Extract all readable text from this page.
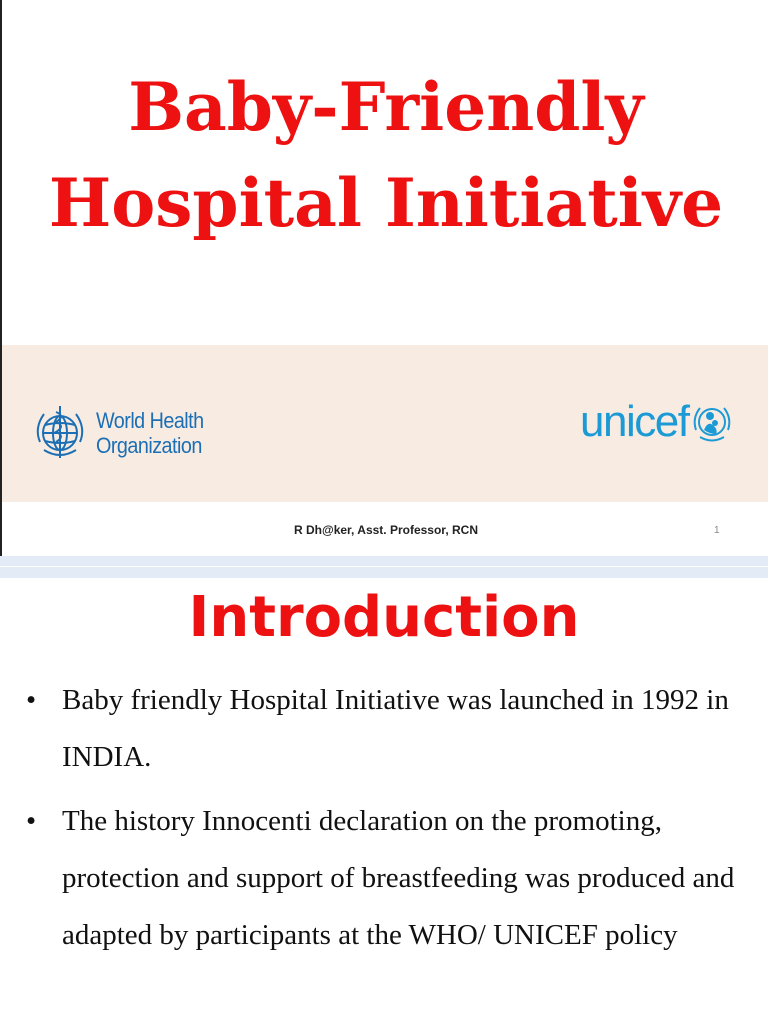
Baby-Friendly
Hospital Initiative
World Health
Organization	unicef
R Dh@ker, Asst. Professor, RCN	1
Introduction
• Baby friendly Hospital Initiative was launched in 1992 in INDIA.
• The history Innocenti declaration on the promoting, protection and support of breastfeeding was produced and adapted by participants at the WHO/ UNICEF policy
